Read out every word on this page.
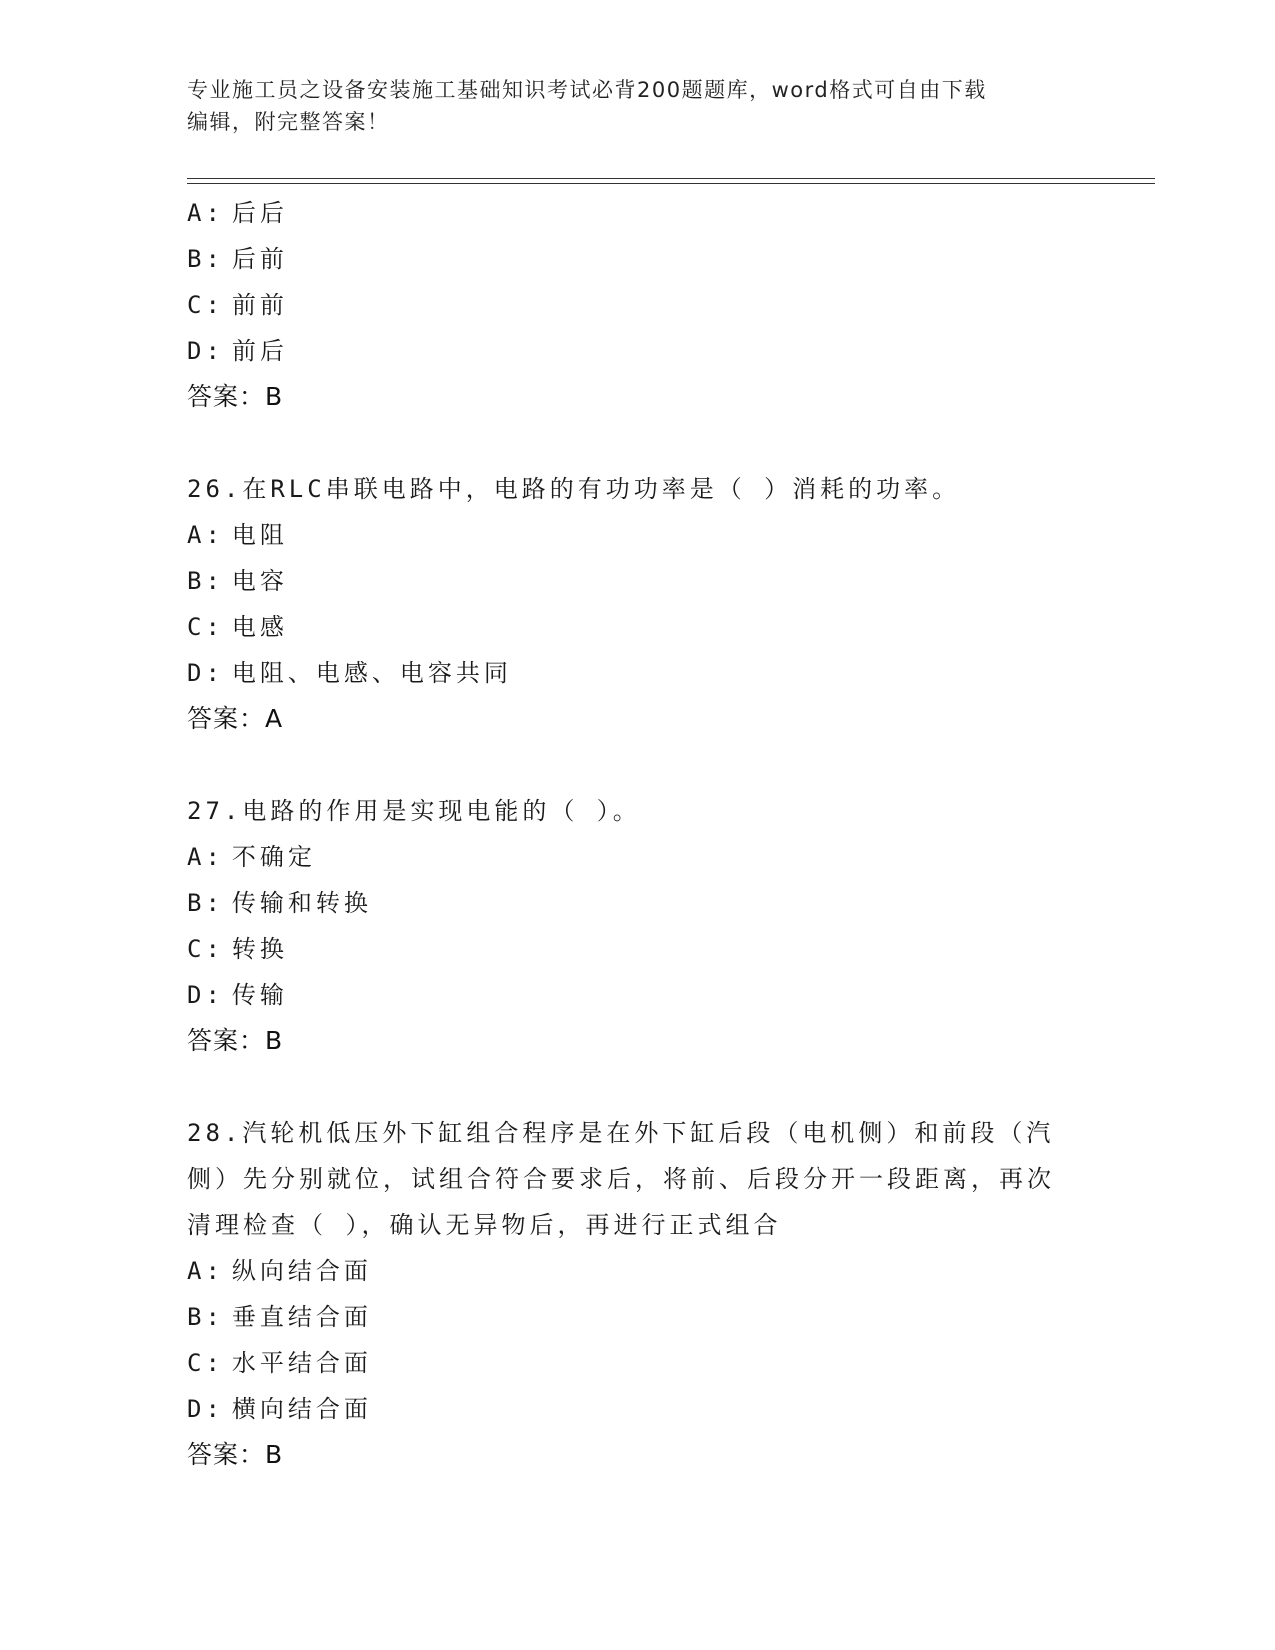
专业施工员之设备安装施工基础知识考试必背200题题库，word格式可自由下载
编辑，附完整答案！
A: 后后
B: 后前
C: 前前
D: 前后
答案：B
26.在RLC串联电路中，电路的有功功率是（ ）消耗的功率。
A: 电阻
B: 电容
C: 电感
D: 电阻、电感、电容共同
答案：A
27.电路的作用是实现电能的（ ）。
A: 不确定
B: 传输和转换
C: 转换
D: 传输
答案：B
28.汽轮机低压外下缸组合程序是在外下缸后段（电机侧）和前段（汽侧）先分别就位，试组合符合要求后，将前、后段分开一段距离，再次清理检查（ ），确认无异物后，再进行正式组合
A: 纵向结合面
B: 垂直结合面
C: 水平结合面
D: 横向结合面
答案：B
